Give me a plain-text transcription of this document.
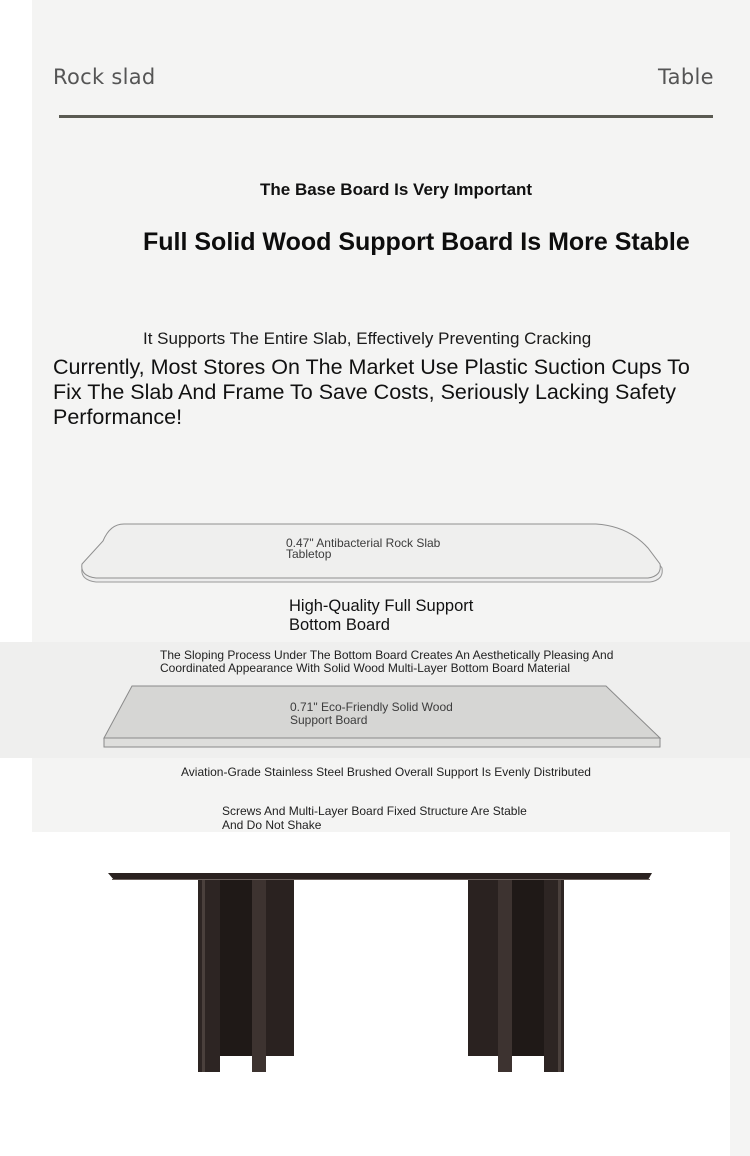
Rock slad	Table
The Base Board Is Very Important
Full Solid Wood Support Board Is More Stable
It Supports The Entire Slab, Effectively Preventing Cracking
Currently, Most Stores On The Market Use Plastic Suction Cups To Fix The Slab And Frame To Save Costs, Seriously Lacking Safety Performance!
0.47" Antibacterial Rock Slab
Tabletop
High-Quality Full Support
Bottom Board
The Sloping Process Under The Bottom Board Creates An Aesthetically Pleasing And
Coordinated Appearance With Solid Wood Multi-Layer Bottom Board Material
0.71" Eco-Friendly Solid Wood
Support Board
Aviation-Grade Stainless Steel Brushed Overall Support Is Evenly Distributed
Screws And Multi-Layer Board Fixed Structure Are Stable
And Do Not Shake
